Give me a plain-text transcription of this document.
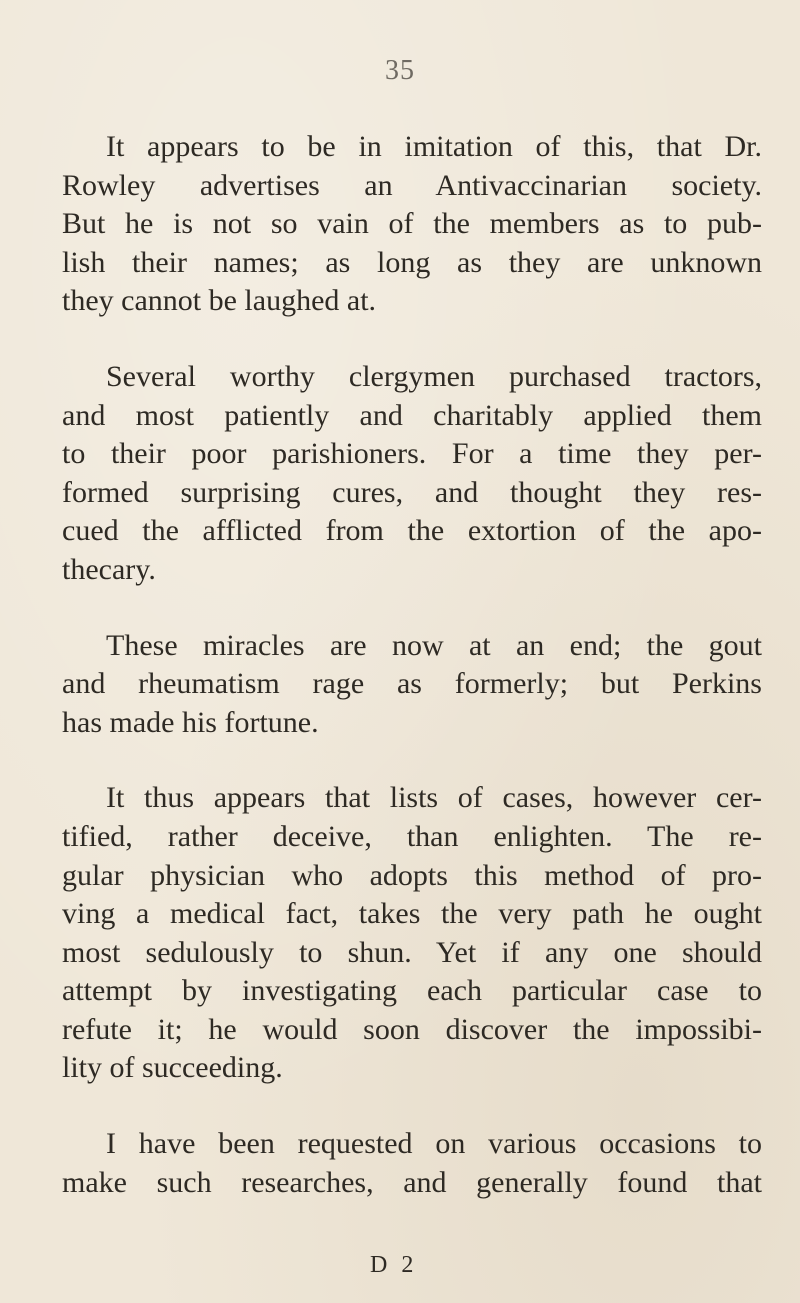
35

It appears to be in imitation of this, that Dr.
Rowley advertises an Antivaccinarian society.
But he is not so vain of the members as to pub-
lish their names; as long as they are unknown
they cannot be laughed at.

Several worthy clergymen purchased tractors,
and most patiently and charitably applied them
to their poor parishioners. For a time they per-
formed surprising cures, and thought they res-
cued the afflicted from the extortion of the apo-
thecary.

These miracles are now at an end; the gout
and rheumatism rage as formerly; but Perkins
has made his fortune.

It thus appears that lists of cases, however cer-
tified, rather deceive, than enlighten. The re-
gular physician who adopts this method of pro-
ving a medical fact, takes the very path he ought
most sedulously to shun. Yet if any one should
attempt by investigating each particular case to
refute it; he would soon discover the impossibi-
lity of succeeding.

I have been requested on various occasions to
make such researches, and generally found that

D 2
